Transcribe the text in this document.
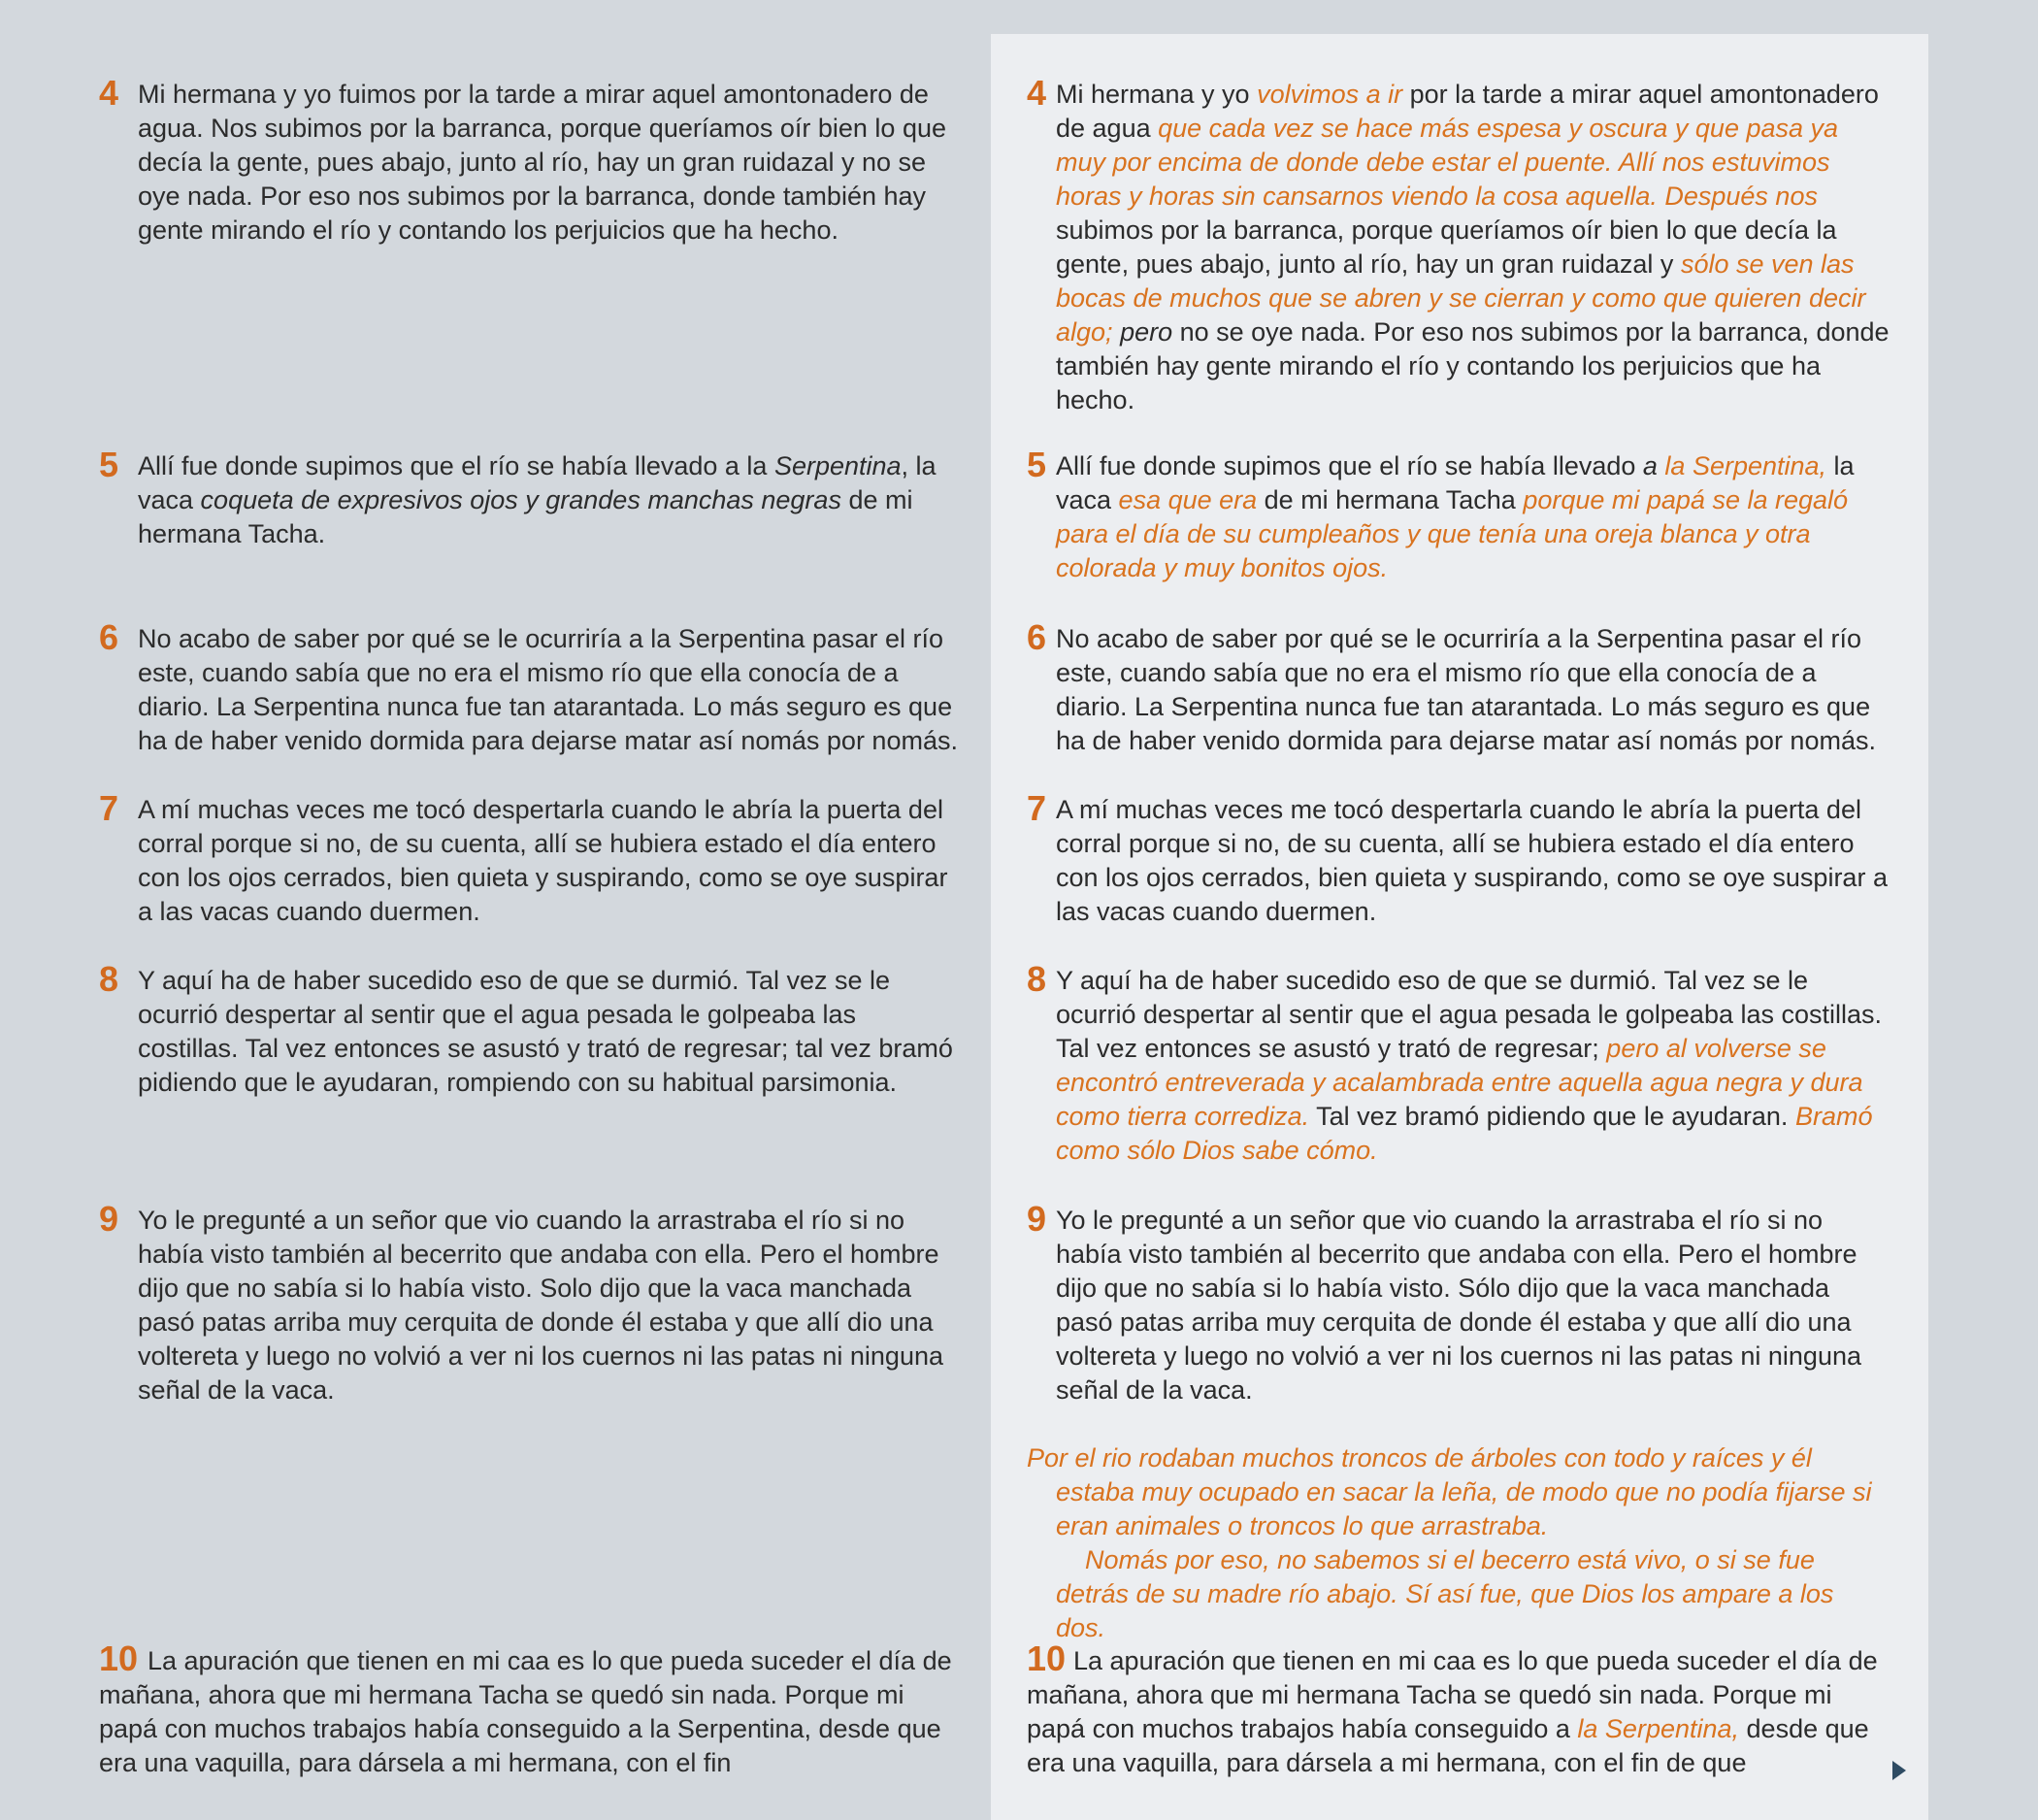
4 Mi hermana y yo fuimos por la tarde a mirar aquel amontonadero de agua. Nos subimos por la barranca, porque queríamos oír bien lo que decía la gente, pues abajo, junto al río, hay un gran ruidazal y no se oye nada. Por eso nos subimos por la barranca, donde también hay gente mirando el río y contando los perjuicios que ha hecho.
5 Allí fue donde supimos que el río se había llevado a la Serpentina, la vaca coqueta de expresivos ojos y grandes manchas negras de mi hermana Tacha.
6 No acabo de saber por qué se le ocurriría a la Serpentina pasar el río este, cuando sabía que no era el mismo río que ella conocía de a diario. La Serpentina nunca fue tan atarantada. Lo más seguro es que ha de haber venido dormida para dejarse matar así nomás por nomás.
7 A mí muchas veces me tocó despertarla cuando le abría la puerta del corral porque si no, de su cuenta, allí se hubiera estado el día entero con los ojos cerrados, bien quieta y suspirando, como se oye suspirar a las vacas cuando duermen.
8 Y aquí ha de haber sucedido eso de que se durmió. Tal vez se le ocurrió despertar al sentir que el agua pesada le golpeaba las costillas. Tal vez entonces se asustó y trató de regresar; tal vez bramó pidiendo que le ayudaran, rompiendo con su habitual parsimonia.
9 Yo le pregunté a un señor que vio cuando la arrastraba el río si no había visto también al becerrito que andaba con ella. Pero el hombre dijo que no sabía si lo había visto. Solo dijo que la vaca manchada pasó patas arriba muy cerquita de donde él estaba y que allí dio una voltereta y luego no volvió a ver ni los cuernos ni las patas ni ninguna señal de la vaca.
10 La apuración que tienen en mi caa es lo que pueda suceder el día de mañana, ahora que mi hermana Tacha se quedó sin nada. Porque mi papá con muchos trabajos había conseguido a la Serpentina, desde que era una vaquilla, para dársela a mi hermana, con el fin
4 Mi hermana y yo volvimos a ir por la tarde a mirar aquel amontonadero de agua que cada vez se hace más espesa y oscura y que pasa ya muy por encima de donde debe estar el puente. Allí nos estuvimos horas y horas sin cansarnos viendo la cosa aquella. Después nos subimos por la barranca, porque queríamos oír bien lo que decía la gente, pues abajo, junto al río, hay un gran ruidazal y sólo se ven las bocas de muchos que se abren y se cierran y como que quieren decir algo; pero no se oye nada. Por eso nos subimos por la barranca, donde también hay gente mirando el río y contando los perjuicios que ha hecho.
5 Allí fue donde supimos que el río se había llevado a la Serpentina, la vaca esa que era de mi hermana Tacha porque mi papá se la regaló para el día de su cumpleaños y que tenía una oreja blanca y otra colorada y muy bonitos ojos.
6 No acabo de saber por qué se le ocurriría a la Serpentina pasar el río este, cuando sabía que no era el mismo río que ella conocía de a diario. La Serpentina nunca fue tan atarantada. Lo más seguro es que ha de haber venido dormida para dejarse matar así nomás por nomás.
7 A mí muchas veces me tocó despertarla cuando le abría la puerta del corral porque si no, de su cuenta, allí se hubiera estado el día entero con los ojos cerrados, bien quieta y suspirando, como se oye suspirar a las vacas cuando duermen.
8 Y aquí ha de haber sucedido eso de que se durmió. Tal vez se le ocurrió despertar al sentir que el agua pesada le golpeaba las costillas. Tal vez entonces se asustó y trató de regresar; pero al volverse se encontró entreverada y acalambrada entre aquella agua negra y dura como tierra corrediza. Tal vez bramó pidiendo que le ayudaran. Bramó como sólo Dios sabe cómo.
9 Yo le pregunté a un señor que vio cuando la arrastraba el río si no había visto también al becerrito que andaba con ella. Pero el hombre dijo que no sabía si lo había visto. Sólo dijo que la vaca manchada pasó patas arriba muy cerquita de donde él estaba y que allí dio una voltereta y luego no volvió a ver ni los cuernos ni las patas ni ninguna señal de la vaca.
Por el rio rodaban muchos troncos de árboles con todo y raíces y él estaba muy ocupado en sacar la leña, de modo que no podía fijarse si eran animales o troncos lo que arrastraba.
Nomás por eso, no sabemos si el becerro está vivo, o si se fue detrás de su madre río abajo. Sí así fue, que Dios los ampare a los dos.
10 La apuración que tienen en mi caa es lo que pueda suceder el día de mañana, ahora que mi hermana Tacha se quedó sin nada. Porque mi papá con muchos trabajos había conseguido a la Serpentina, desde que era una vaquilla, para dársela a mi hermana, con el fin de que
